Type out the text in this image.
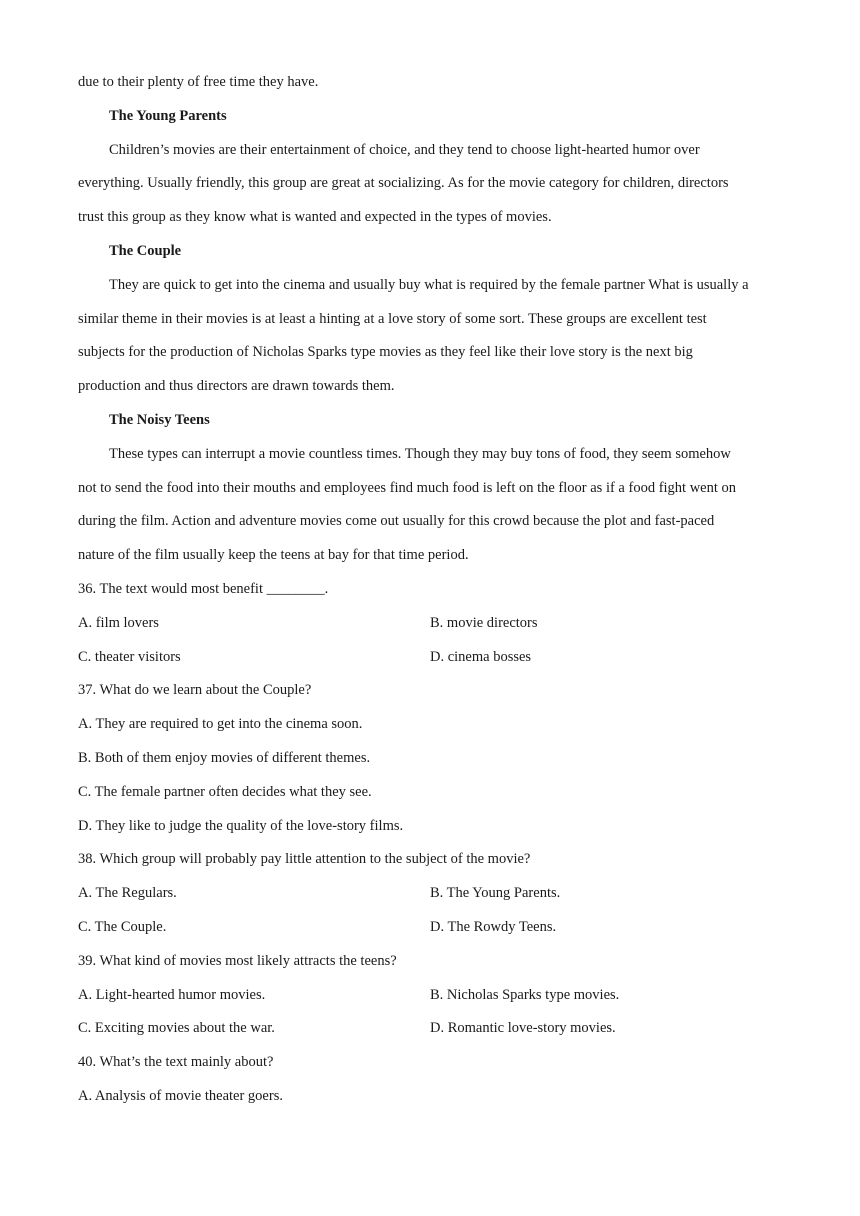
due to their plenty of free time they have.
The Young Parents
Children’s movies are their entertainment of choice, and they tend to choose light-hearted humor over
everything. Usually friendly, this group are great at socializing. As for the movie category for children, directors
trust this group as they know what is wanted and expected in the types of movies.
The Couple
They are quick to get into the cinema and usually buy what is required by the female partner What is usually a
similar theme in their movies is at least a hinting at a love story of some sort. These groups are excellent test
subjects for the production of Nicholas Sparks type movies as they feel like their love story is the next big
production and thus directors are drawn towards them.
The Noisy Teens
These types can interrupt a movie countless times. Though they may buy tons of food, they seem somehow
not to send the food into their mouths and employees find much food is left on the floor as if a food fight went on
during the film. Action and adventure movies come out usually for this crowd because the plot and fast-paced
nature of the film usually keep the teens at bay for that time period.
36. The text would most benefit ________.
A. film lovers	B. movie directors
C. theater visitors	D. cinema bosses
37. What do we learn about the Couple?
A. They are required to get into the cinema soon.
B. Both of them enjoy movies of different themes.
C. The female partner often decides what they see.
D. They like to judge the quality of the love-story films.
38. Which group will probably pay little attention to the subject of the movie?
A. The Regulars.	B. The Young Parents.
C. The Couple.	D. The Rowdy Teens.
39. What kind of movies most likely attracts the teens?
A. Light-hearted humor movies.	B. Nicholas Sparks type movies.
C. Exciting movies about the war.	D. Romantic love-story movies.
40. What’s the text mainly about?
A. Analysis of movie theater goers.
